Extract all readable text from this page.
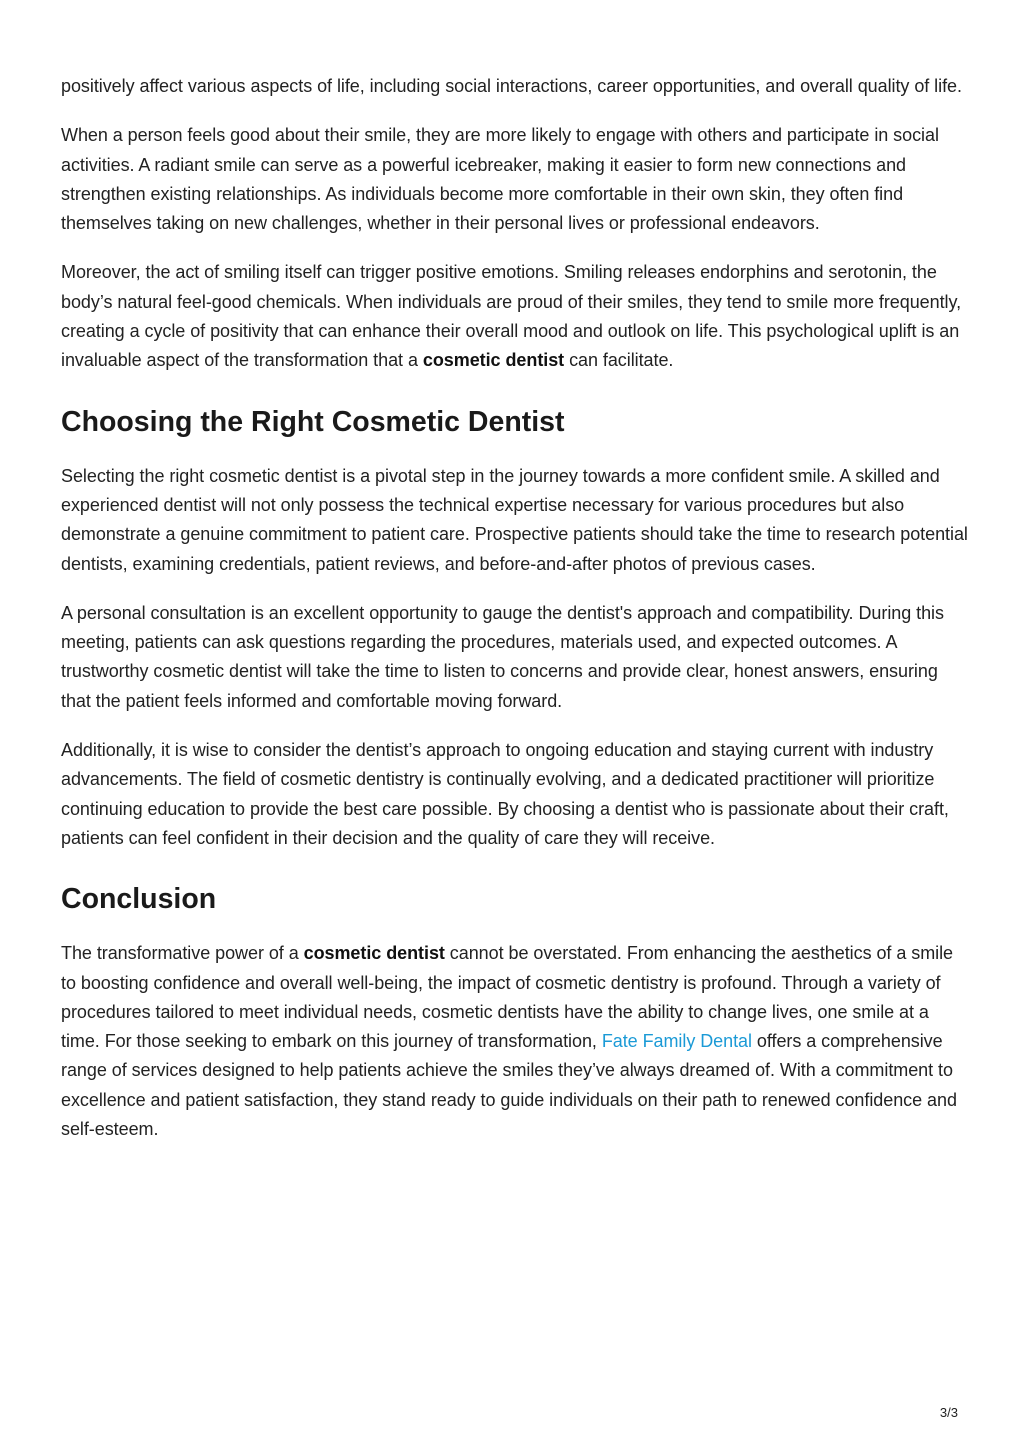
positively affect various aspects of life, including social interactions, career opportunities, and overall quality of life.

When a person feels good about their smile, they are more likely to engage with others and participate in social activities. A radiant smile can serve as a powerful icebreaker, making it easier to form new connections and strengthen existing relationships. As individuals become more comfortable in their own skin, they often find themselves taking on new challenges, whether in their personal lives or professional endeavors.

Moreover, the act of smiling itself can trigger positive emotions. Smiling releases endorphins and serotonin, the body’s natural feel-good chemicals. When individuals are proud of their smiles, they tend to smile more frequently, creating a cycle of positivity that can enhance their overall mood and outlook on life. This psychological uplift is an invaluable aspect of the transformation that a cosmetic dentist can facilitate.

Choosing the Right Cosmetic Dentist

Selecting the right cosmetic dentist is a pivotal step in the journey towards a more confident smile. A skilled and experienced dentist will not only possess the technical expertise necessary for various procedures but also demonstrate a genuine commitment to patient care. Prospective patients should take the time to research potential dentists, examining credentials, patient reviews, and before-and-after photos of previous cases.

A personal consultation is an excellent opportunity to gauge the dentist's approach and compatibility. During this meeting, patients can ask questions regarding the procedures, materials used, and expected outcomes. A trustworthy cosmetic dentist will take the time to listen to concerns and provide clear, honest answers, ensuring that the patient feels informed and comfortable moving forward.

Additionally, it is wise to consider the dentist’s approach to ongoing education and staying current with industry advancements. The field of cosmetic dentistry is continually evolving, and a dedicated practitioner will prioritize continuing education to provide the best care possible. By choosing a dentist who is passionate about their craft, patients can feel confident in their decision and the quality of care they will receive.

Conclusion

The transformative power of a cosmetic dentist cannot be overstated. From enhancing the aesthetics of a smile to boosting confidence and overall well-being, the impact of cosmetic dentistry is profound. Through a variety of procedures tailored to meet individual needs, cosmetic dentists have the ability to change lives, one smile at a time. For those seeking to embark on this journey of transformation, Fate Family Dental offers a comprehensive range of services designed to help patients achieve the smiles they’ve always dreamed of. With a commitment to excellence and patient satisfaction, they stand ready to guide individuals on their path to renewed confidence and self-esteem.

3/3
